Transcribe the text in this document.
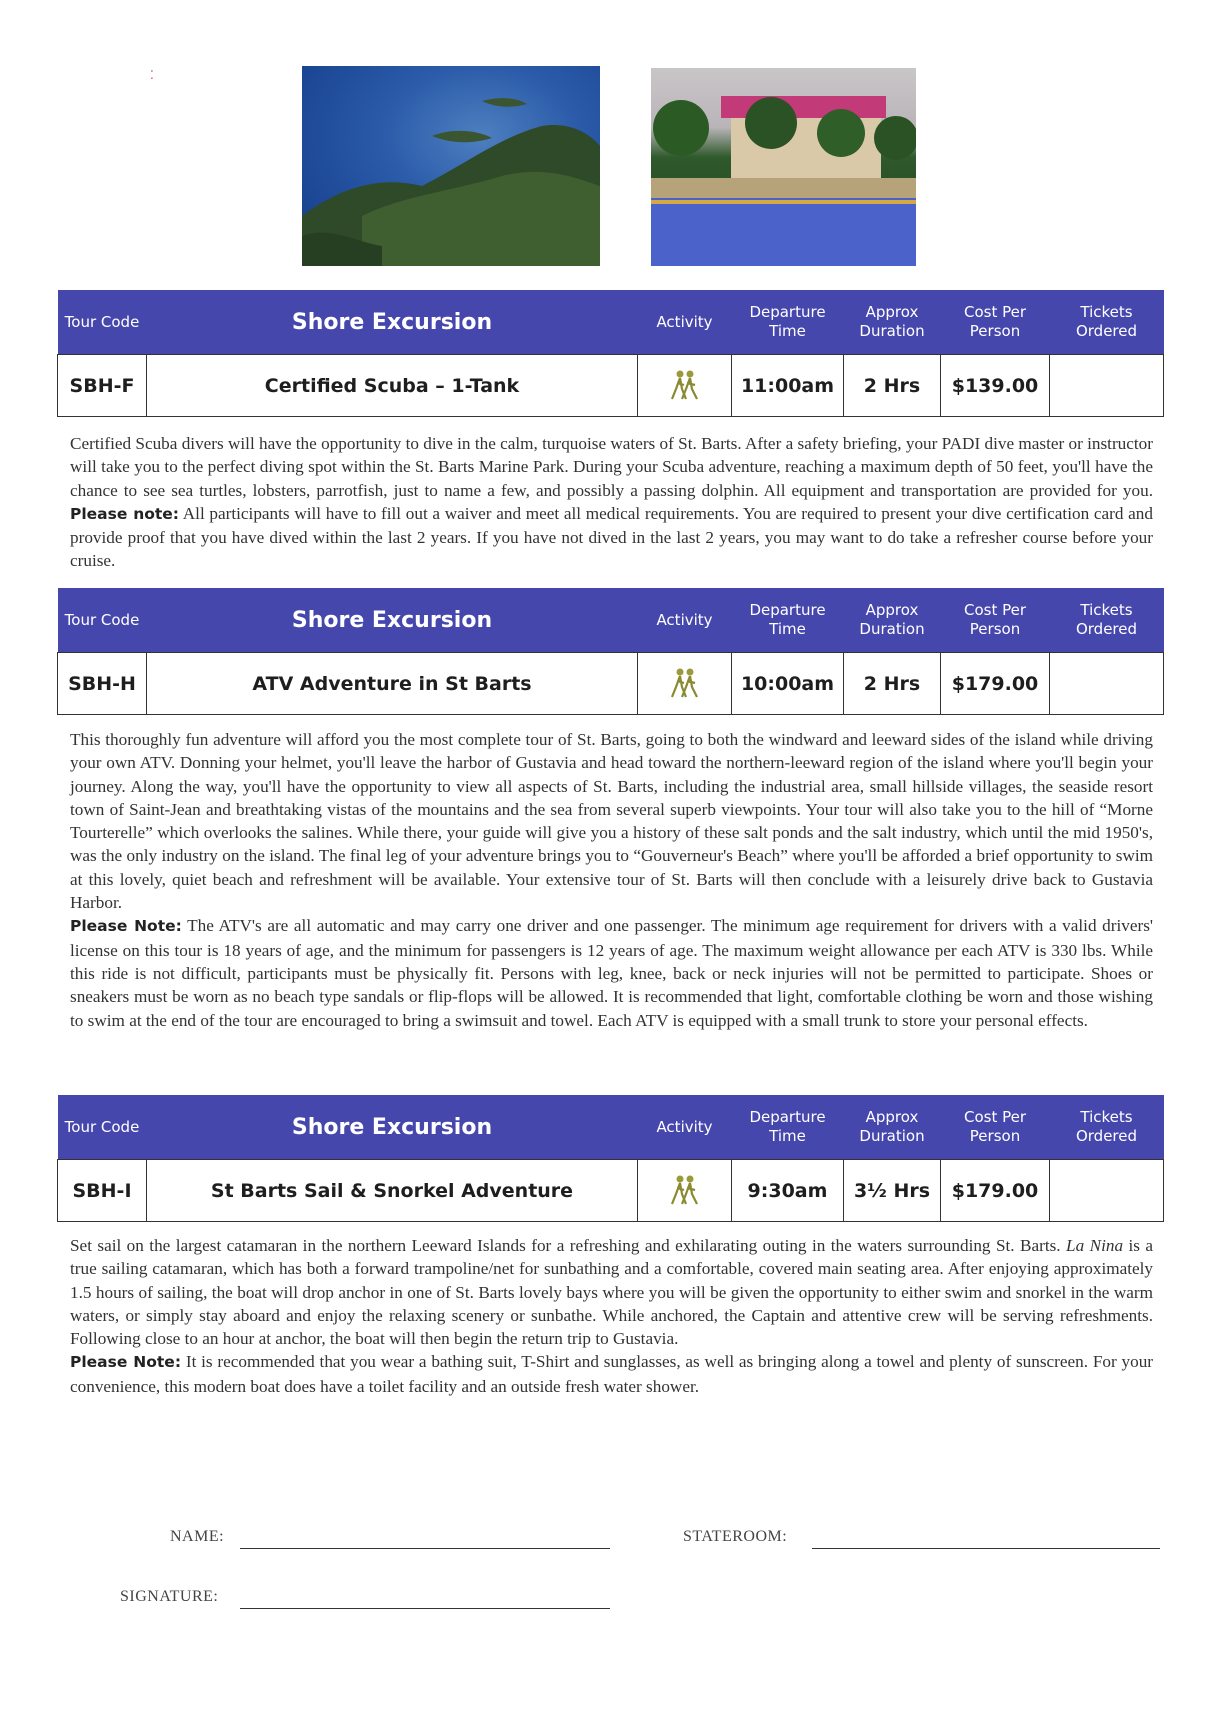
⁚
Tour Code	Shore Excursion	Activity	Departure Time	Approx Duration	Cost Per Person	Tickets Ordered
SBH-F	Certified Scuba – 1-Tank		11:00am	2 Hrs	$139.00	

Certified Scuba divers will have the opportunity to dive in the calm, turquoise waters of St. Barts. After a safety briefing, your PADI dive master or instructor will take you to the perfect diving spot within the St. Barts Marine Park. During your Scuba adventure, reaching a maximum depth of 50 feet, you'll have the chance to see sea turtles, lobsters, parrotfish, just to name a few, and possibly a passing dolphin. All equipment and transportation are provided for you. Please note: All participants will have to fill out a waiver and meet all medical requirements. You are required to present your dive certification card and provide proof that you have dived within the last 2 years. If you have not dived in the last 2 years, you may want to do take a refresher course before your cruise.

Tour Code	Shore Excursion	Activity	Departure Time	Approx Duration	Cost Per Person	Tickets Ordered
SBH-H	ATV Adventure in St Barts		10:00am	2 Hrs	$179.00	

This thoroughly fun adventure will afford you the most complete tour of St. Barts, going to both the windward and leeward sides of the island while driving your own ATV. Donning your helmet, you'll leave the harbor of Gustavia and head toward the northern-leeward region of the island where you'll begin your journey. Along the way, you'll have the opportunity to view all aspects of St. Barts, including the industrial area, small hillside villages, the seaside resort town of Saint-Jean and breathtaking vistas of the mountains and the sea from several superb viewpoints. Your tour will also take you to the hill of “Morne Tourterelle” which overlooks the salines. While there, your guide will give you a history of these salt ponds and the salt industry, which until the mid 1950's, was the only industry on the island. The final leg of your adventure brings you to “Gouverneur's Beach” where you'll be afforded a brief opportunity to swim at this lovely, quiet beach and refreshment will be available. Your extensive tour of St. Barts will then conclude with a leisurely drive back to Gustavia Harbor.

Please Note: The ATV's are all automatic and may carry one driver and one passenger. The minimum age requirement for drivers with a valid drivers' license on this tour is 18 years of age, and the minimum for passengers is 12 years of age. The maximum weight allowance per each ATV is 330 lbs. While this ride is not difficult, participants must be physically fit. Persons with leg, knee, back or neck injuries will not be permitted to participate. Shoes or sneakers must be worn as no beach type sandals or flip-flops will be allowed. It is recommended that light, comfortable clothing be worn and those wishing to swim at the end of the tour are encouraged to bring a swimsuit and towel. Each ATV is equipped with a small trunk to store your personal effects.

Tour Code	Shore Excursion	Activity	Departure Time	Approx Duration	Cost Per Person	Tickets Ordered
SBH-I	St Barts Sail & Snorkel Adventure		9:30am	3½ Hrs	$179.00	

Set sail on the largest catamaran in the northern Leeward Islands for a refreshing and exhilarating outing in the waters surrounding St. Barts. La Nina is a true sailing catamaran, which has both a forward trampoline/net for sunbathing and a comfortable, covered main seating area. After enjoying approximately 1.5 hours of sailing, the boat will drop anchor in one of St. Barts lovely bays where you will be given the opportunity to either swim and snorkel in the warm waters, or simply stay aboard and enjoy the relaxing scenery or sunbathe. While anchored, the Captain and attentive crew will be serving refreshments. Following close to an hour at anchor, the boat will then begin the return trip to Gustavia.

Please Note: It is recommended that you wear a bathing suit, T-Shirt and sunglasses, as well as bringing along a towel and plenty of sunscreen. For your convenience, this modern boat does have a toilet facility and an outside fresh water shower.

NAME:	STATEROOM:
SIGNATURE:
